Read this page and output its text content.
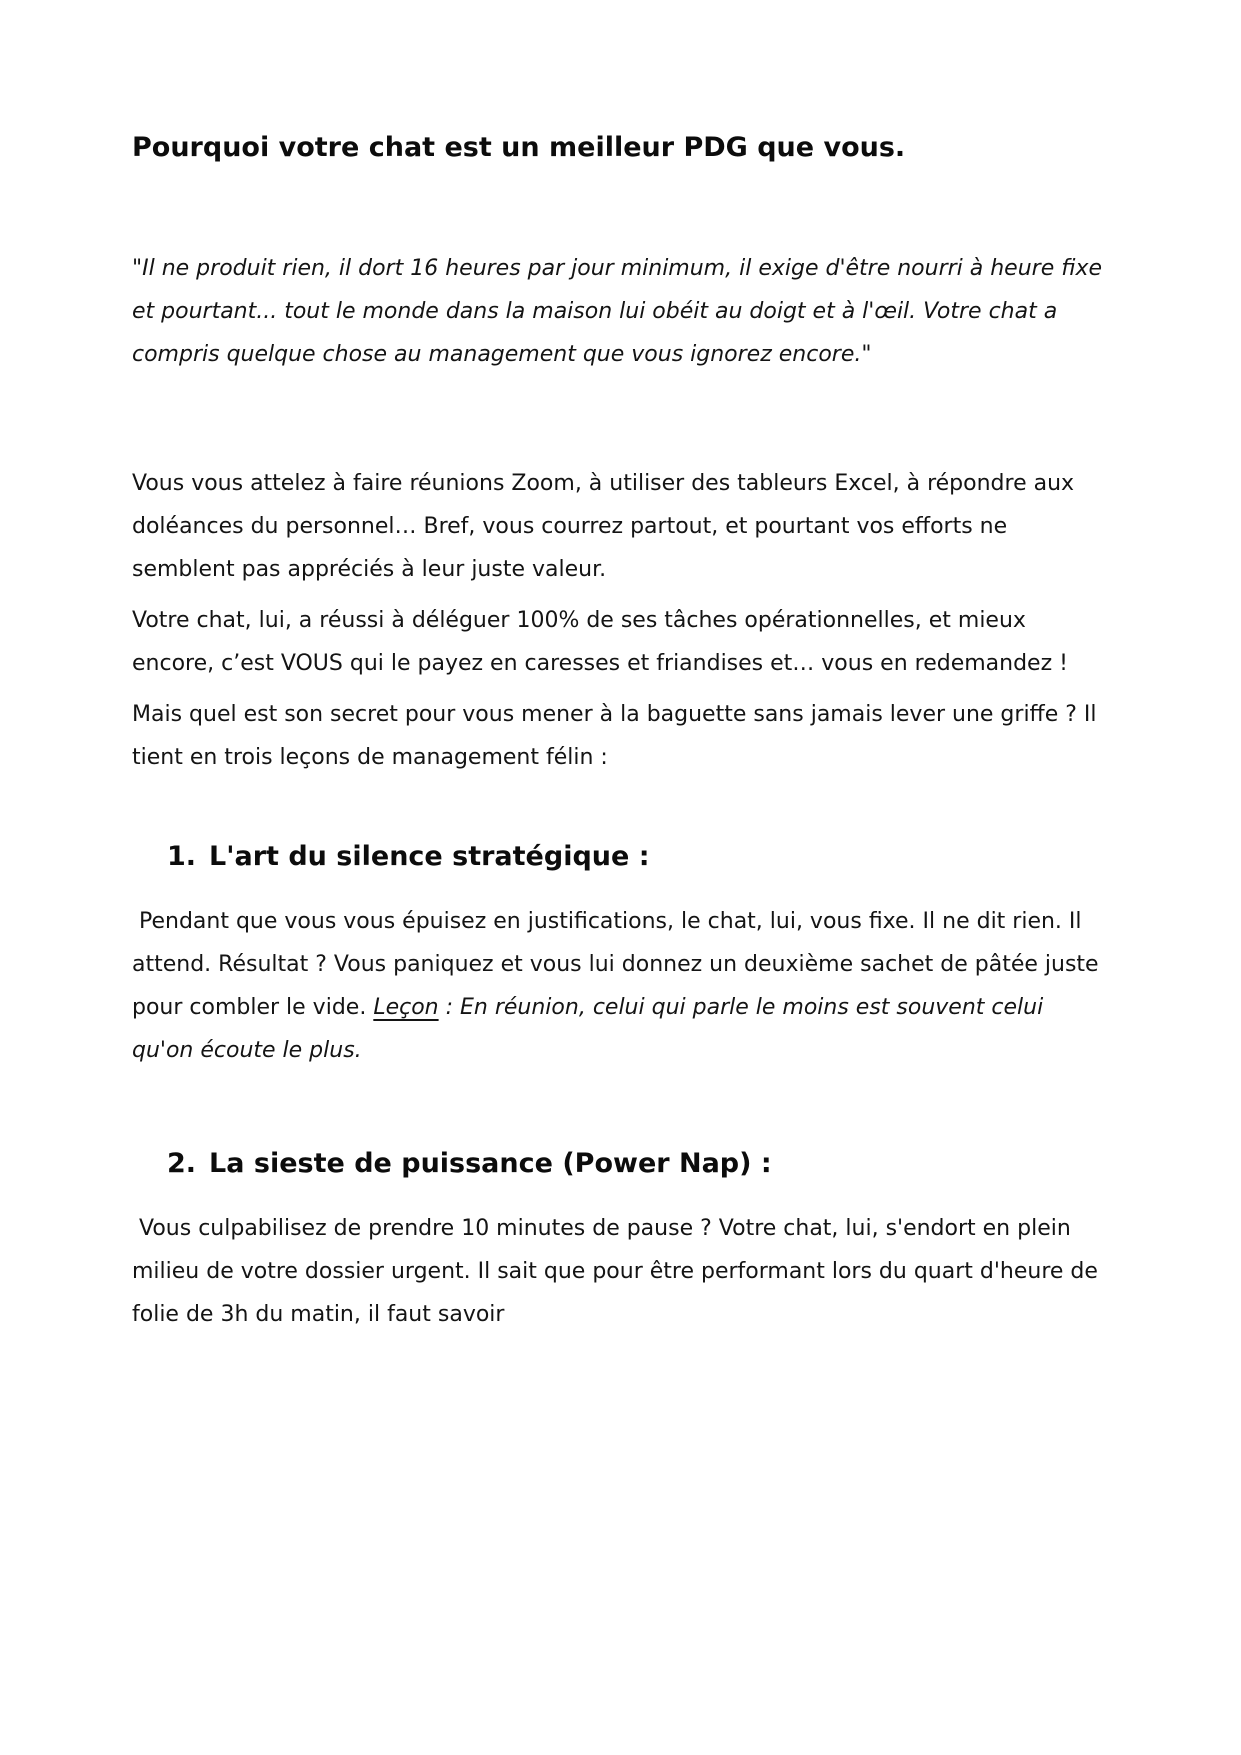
Pourquoi votre chat est un meilleur PDG que vous.

"Il ne produit rien, il dort 16 heures par jour minimum, il exige d'être nourri à heure fixe et pourtant... tout le monde dans la maison lui obéit au doigt et à l'œil. Votre chat a compris quelque chose au management que vous ignorez encore."

Vous vous attelez à faire réunions Zoom, à utiliser des tableurs Excel, à répondre aux doléances du personnel… Bref, vous courrez partout, et pourtant vos efforts ne semblent pas appréciés à leur juste valeur.

Votre chat, lui, a réussi à déléguer 100% de ses tâches opérationnelles, et mieux encore, c’est VOUS qui le payez en caresses et friandises et… vous en redemandez !

Mais quel est son secret pour vous mener à la baguette sans jamais lever une griffe ? Il tient en trois leçons de management félin :

1. L'art du silence stratégique :

Pendant que vous vous épuisez en justifications, le chat, lui, vous fixe. Il ne dit rien. Il attend. Résultat ? Vous paniquez et vous lui donnez un deuxième sachet de pâtée juste pour combler le vide. Leçon : En réunion, celui qui parle le moins est souvent celui qu'on écoute le plus.

2. La sieste de puissance (Power Nap) :

Vous culpabilisez de prendre 10 minutes de pause ? Votre chat, lui, s'endort en plein milieu de votre dossier urgent. Il sait que pour être performant lors du quart d'heure de folie de 3h du matin, il faut savoir
